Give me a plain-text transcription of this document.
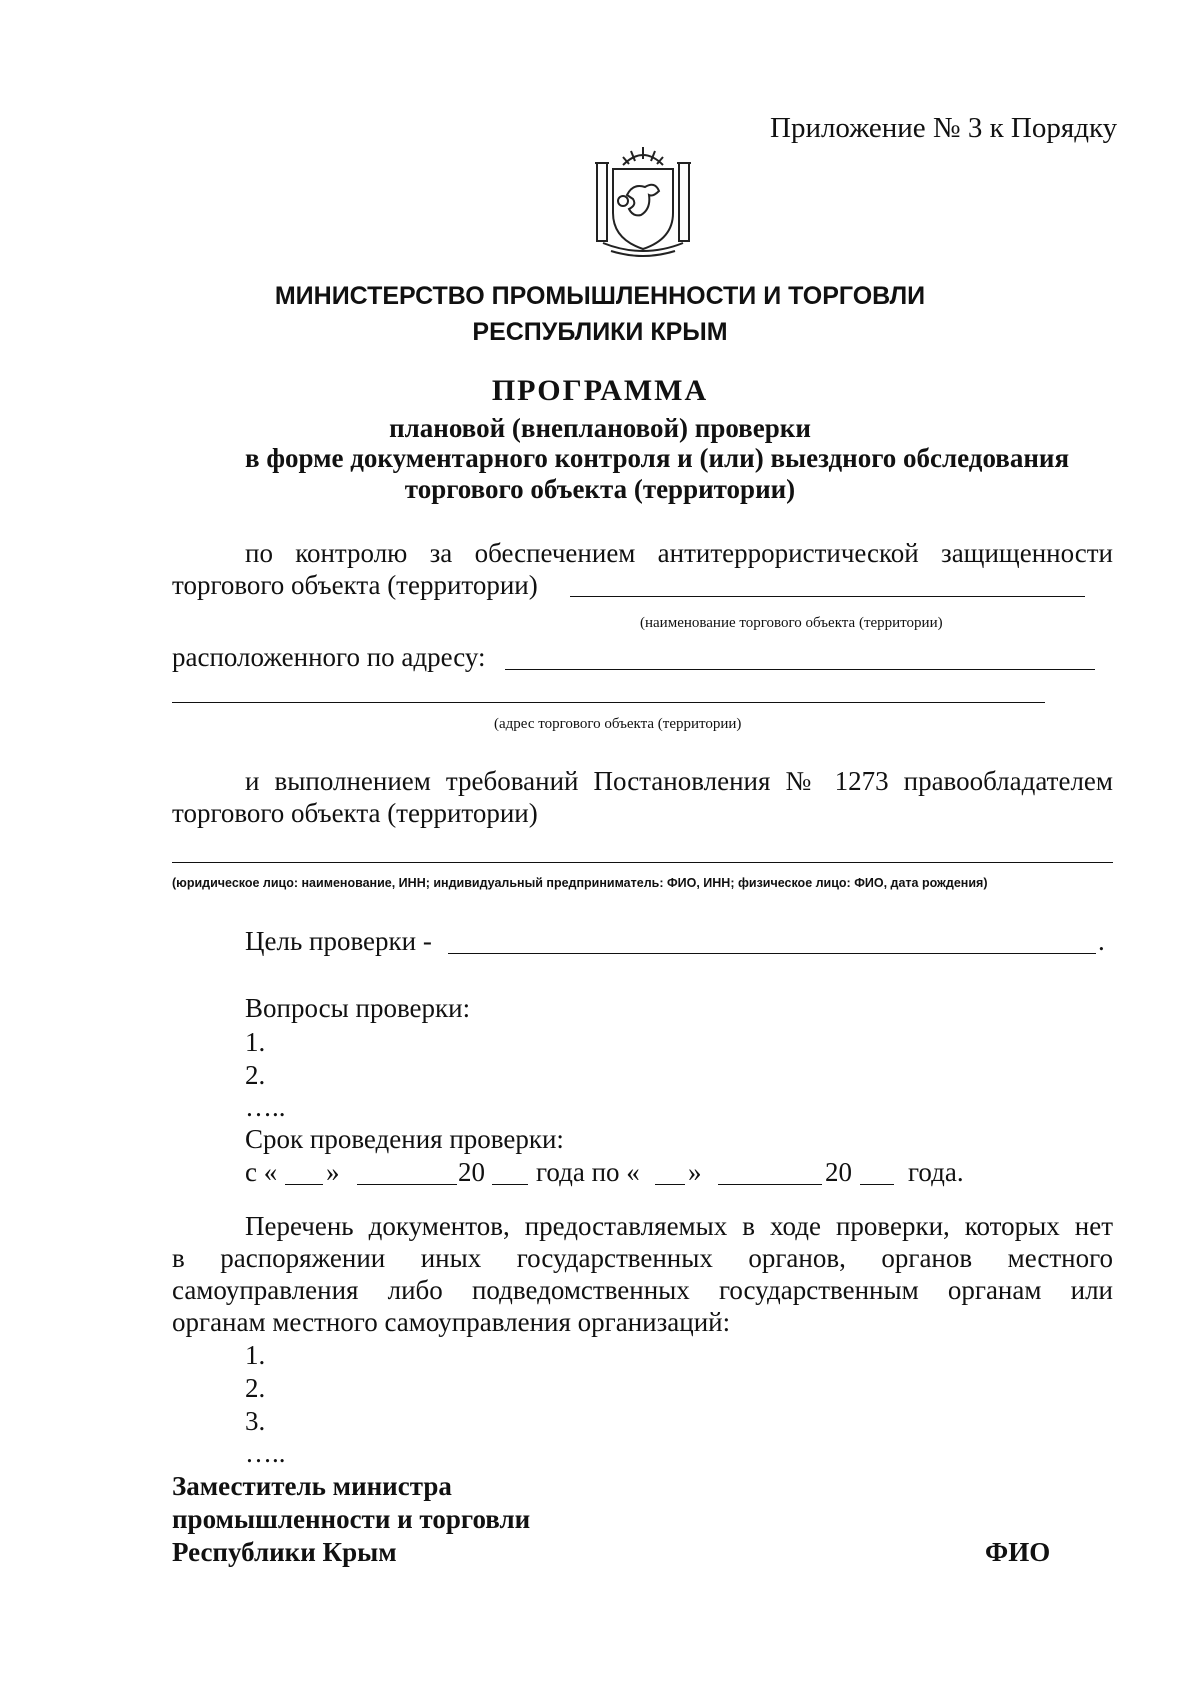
Приложение № 3 к Порядку
МИНИСТЕРСТВО ПРОМЫШЛЕННОСТИ И ТОРГОВЛИ
РЕСПУБЛИКИ КРЫМ
ПРОГРАММА
плановой (внеплановой) проверки
в форме документарного контроля и (или) выездного обследования
торгового объекта (территории)
по контролю за обеспечением антитеррористической защищенности
торгового объекта (территории)
(наименование торгового объекта (территории)
расположенного по адресу:
(адрес торгового объекта (территории)
и выполнением требований Постановления № 1273 правообладателем
торгового объекта (территории)
(юридическое лицо: наименование, ИНН; индивидуальный предприниматель: ФИО, ИНН; физическое лицо: ФИО, дата рождения)
Цель проверки -	.
Вопросы проверки:
1.
2.
…..
Срок проведения проверки:
с « »	20 года по « »	20 года.
Перечень документов, предоставляемых в ходе проверки, которых нет
в распоряжении иных государственных органов, органов местного
самоуправления либо подведомственных государственным органам или
органам местного самоуправления организаций:
1.
2.
3.
…..
Заместитель министра
промышленности и торговли
Республики Крым	ФИО
